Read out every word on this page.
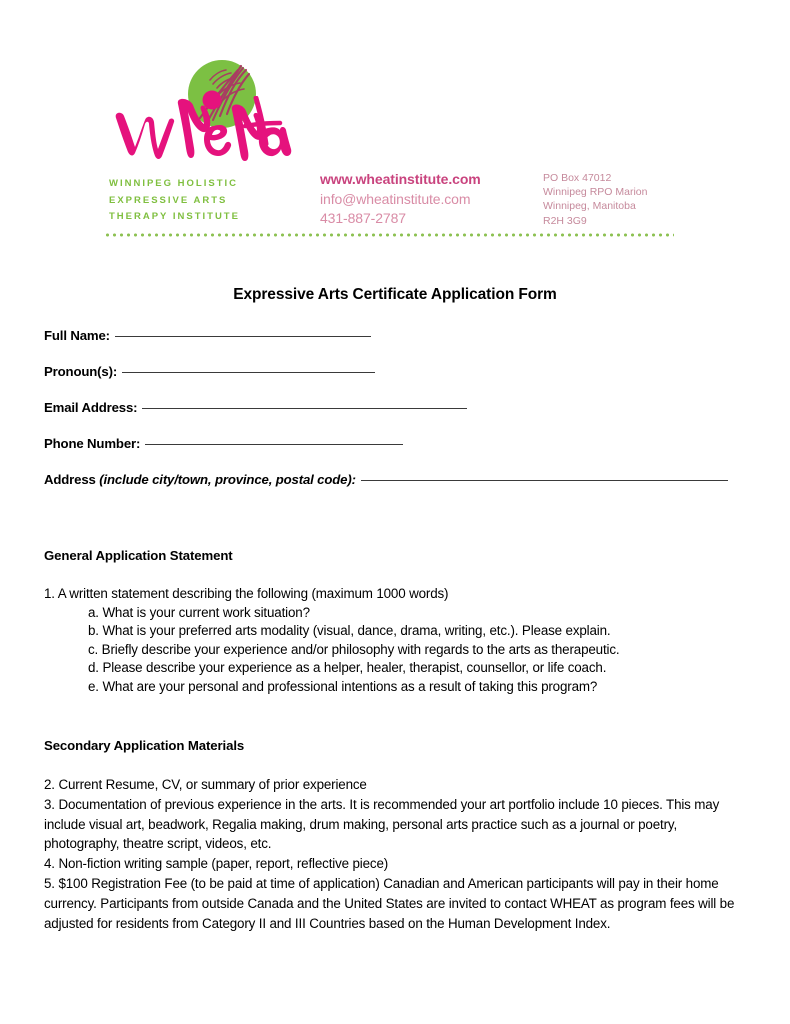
WINNIPEG HOLISTIC
EXPRESSIVE ARTS
THERAPY INSTITUTE
www.wheatinstitute.com
info@wheatinstitute.com
431-887-2787
PO Box 47012
Winnipeg RPO Marion
Winnipeg, Manitoba
R2H 3G9
Expressive Arts Certificate Application Form
Full Name:
Pronoun(s):
Email Address:
Phone Number:
Address (include city/town, province, postal code):
General Application Statement
1. A written statement describing the following (maximum 1000 words)
a. What is your current work situation?
b. What is your preferred arts modality (visual, dance, drama, writing, etc.). Please explain.
c. Briefly describe your experience and/or philosophy with regards to the arts as therapeutic.
d. Please describe your experience as a helper, healer, therapist, counsellor, or life coach.
e. What are your personal and professional intentions as a result of taking this program?
Secondary Application Materials

2. Current Resume, CV, or summary of prior experience

3. Documentation of previous experience in the arts. It is recommended your art portfolio include 10 pieces. This may include visual art, beadwork, Regalia making, drum making, personal arts practice such as a journal or poetry, photography, theatre script, videos, etc.

4. Non-fiction writing sample (paper, report, reflective piece)

5. $100 Registration Fee (to be paid at time of application) Canadian and American participants will pay in their home currency. Participants from outside Canada and the United States are invited to contact WHEAT as program fees will be adjusted for residents from Category II and III Countries based on the Human Development Index.
